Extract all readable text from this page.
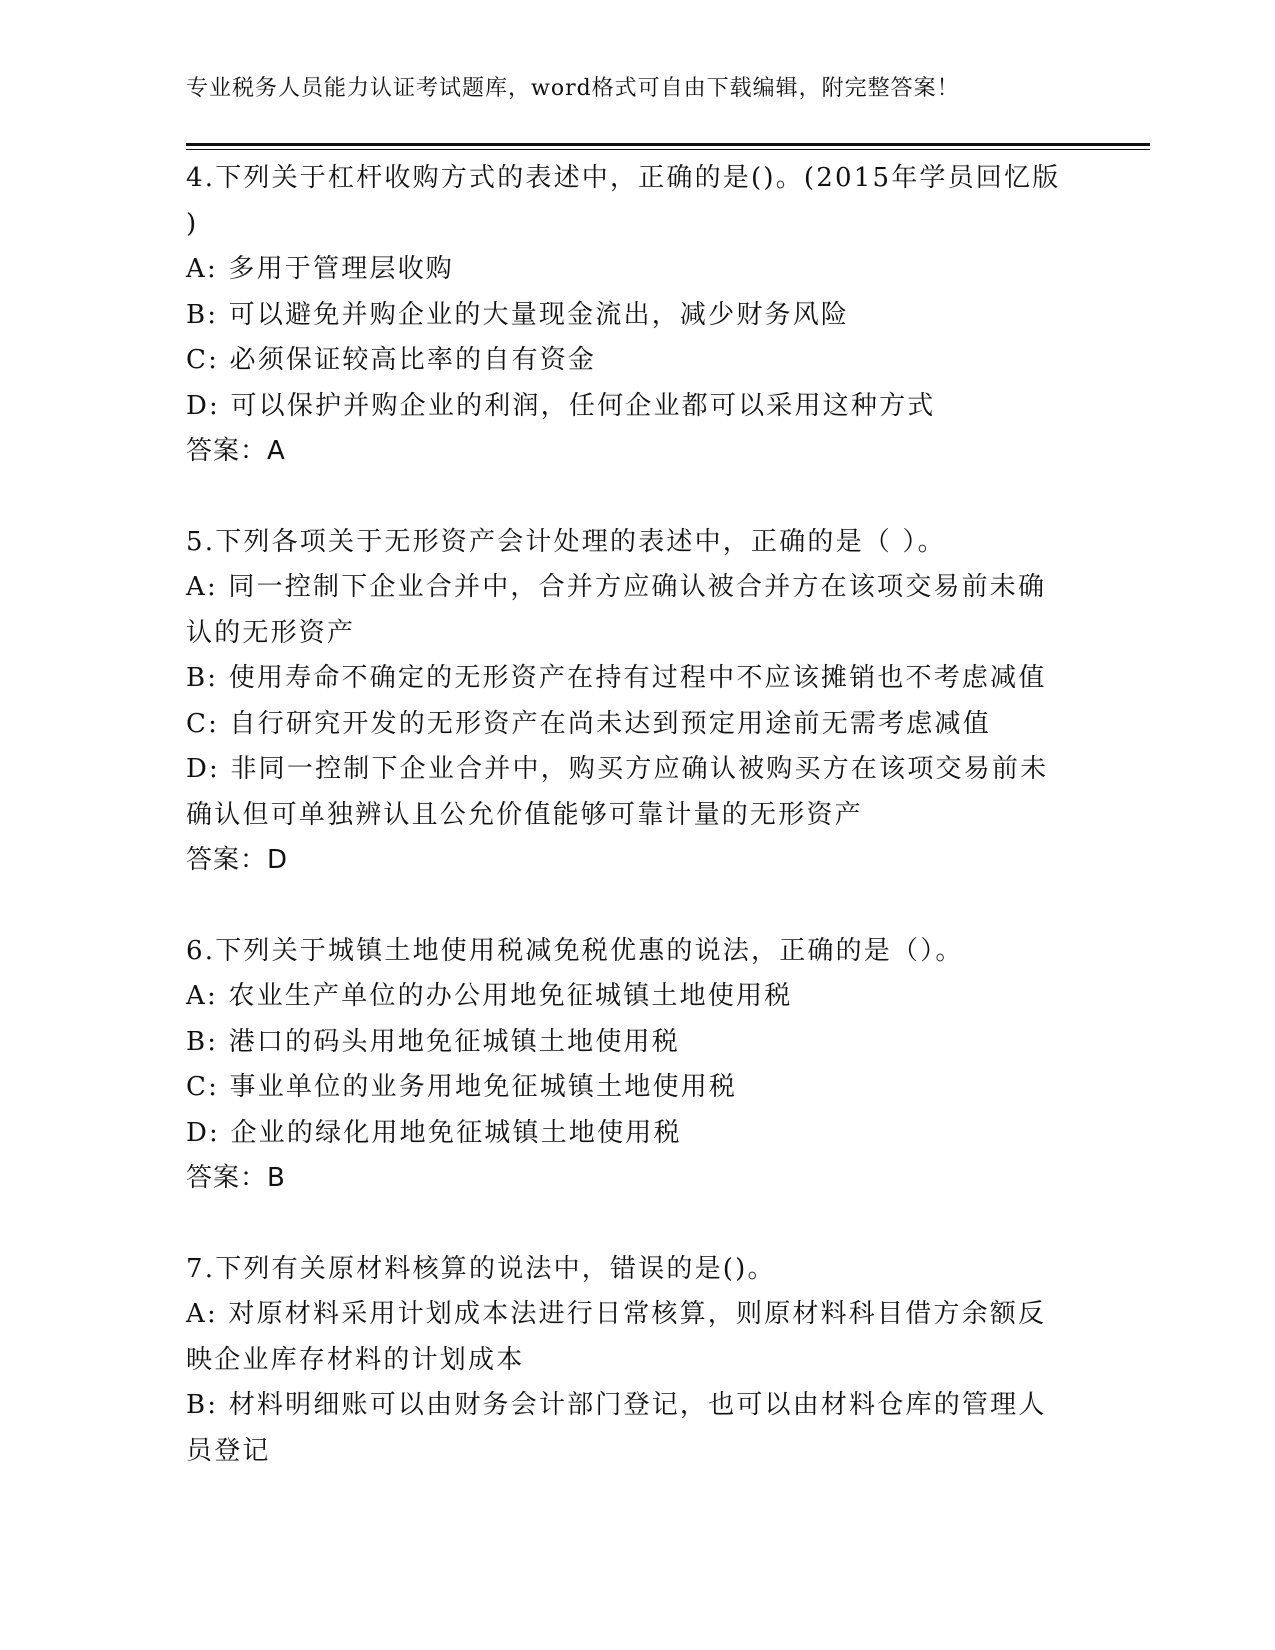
专业税务人员能力认证考试题库，word格式可自由下载编辑，附完整答案！
4.下列关于杠杆收购方式的表述中，正确的是()。(2015年学员回忆版
)
A: 多用于管理层收购
B: 可以避免并购企业的大量现金流出，减少财务风险
C: 必须保证较高比率的自有资金
D: 可以保护并购企业的利润，任何企业都可以采用这种方式
答案：A
5.下列各项关于无形资产会计处理的表述中，正确的是（ ）。
A: 同一控制下企业合并中，合并方应确认被合并方在该项交易前未确
认的无形资产
B: 使用寿命不确定的无形资产在持有过程中不应该摊销也不考虑减值
C: 自行研究开发的无形资产在尚未达到预定用途前无需考虑减值
D: 非同一控制下企业合并中，购买方应确认被购买方在该项交易前未
确认但可单独辨认且公允价值能够可靠计量的无形资产
答案：D
6.下列关于城镇土地使用税减免税优惠的说法，正确的是（）。
A: 农业生产单位的办公用地免征城镇土地使用税
B: 港口的码头用地免征城镇土地使用税
C: 事业单位的业务用地免征城镇土地使用税
D: 企业的绿化用地免征城镇土地使用税
答案：B
7.下列有关原材料核算的说法中，错误的是()。
A: 对原材料采用计划成本法进行日常核算，则原材料科目借方余额反
映企业库存材料的计划成本
B: 材料明细账可以由财务会计部门登记，也可以由材料仓库的管理人
员登记
